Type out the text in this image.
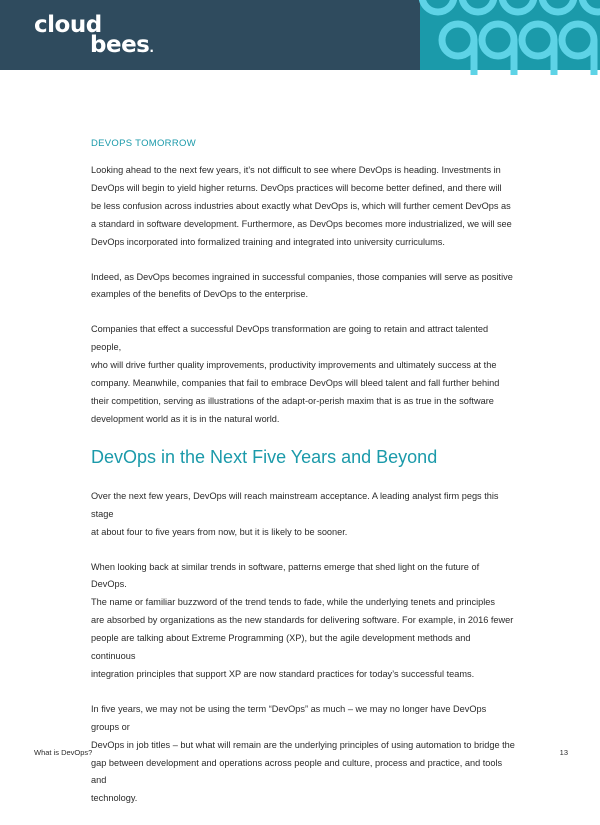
cloud
bees.
DEVOPS TOMORROW

Looking ahead to the next few years, it’s not difficult to see where DevOps is heading. Investments in
DevOps will begin to yield higher returns. DevOps practices will become better defined, and there will
be less confusion across industries about exactly what DevOps is, which will further cement DevOps as
a standard in software development. Furthermore, as DevOps becomes more industrialized, we will see
DevOps incorporated into formalized training and integrated into university curriculums.

Indeed, as DevOps becomes ingrained in successful companies, those companies will serve as positive
examples of the benefits of DevOps to the enterprise.

Companies that effect a successful DevOps transformation are going to retain and attract talented people,
who will drive further quality improvements, productivity improvements and ultimately success at the
company. Meanwhile, companies that fail to embrace DevOps will bleed talent and fall further behind
their competition, serving as illustrations of the adapt-or-perish maxim that is as true in the software
development world as it is in the natural world.

DevOps in the Next Five Years and Beyond

Over the next few years, DevOps will reach mainstream acceptance. A leading analyst firm pegs this stage
at about four to five years from now, but it is likely to be sooner.

When looking back at similar trends in software, patterns emerge that shed light on the future of DevOps.
The name or familiar buzzword of the trend tends to fade, while the underlying tenets and principles
are absorbed by organizations as the new standards for delivering software. For example, in 2016 fewer
people are talking about Extreme Programming (XP), but the agile development methods and continuous
integration principles that support XP are now standard practices for today’s successful teams.

In five years, we may not be using the term “DevOps” as much – we may no longer have DevOps groups or
DevOps in job titles – but what will remain are the underlying principles of using automation to bridge the
gap between development and operations across people and culture, process and practice, and tools and
technology.

What is DevOps?	13
